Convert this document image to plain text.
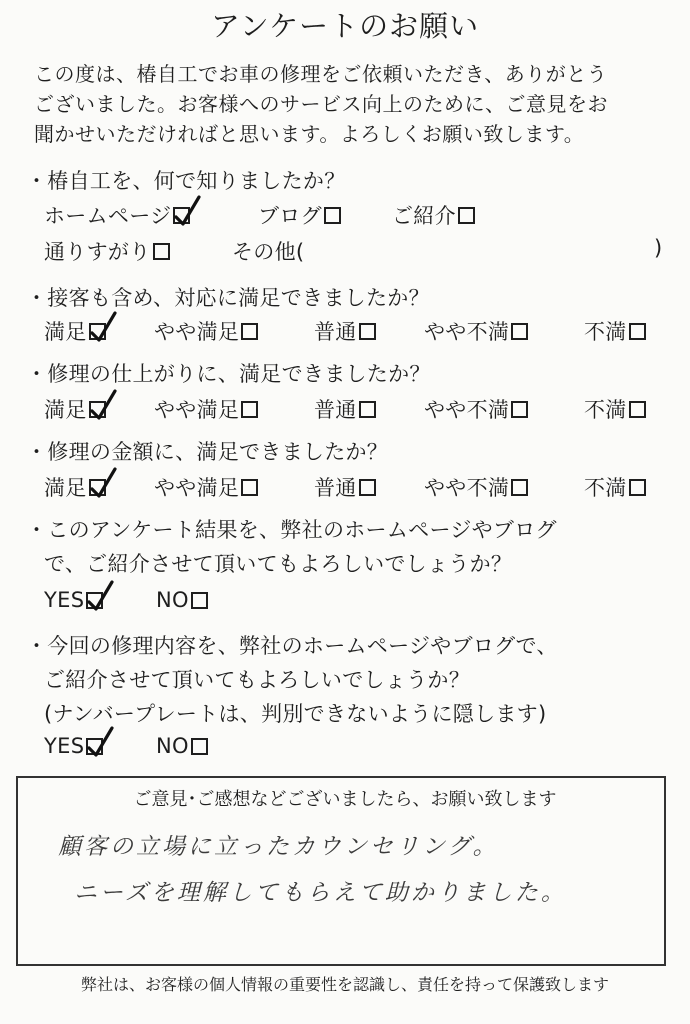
アンケートのお願い
この度は、椿自工でお車の修理をご依頼いただき、ありがとう
ございました。お客様へのサービス向上のために、ご意見をお
聞かせいただければと思います。よろしくお願い致します。
・椿自工を、何で知りましたか？
ホームページ	ブログ	ご紹介
通りすがり	その他(	)
・接客も含め、対応に満足できましたか？
満足	やや満足	普通	やや不満	不満
・修理の仕上がりに、満足できましたか？
満足	やや満足	普通	やや不満	不満
・修理の金額に、満足できましたか？
満足	やや満足	普通	やや不満	不満
・このアンケート結果を、弊社のホームページやブログ
で、ご紹介させて頂いてもよろしいでしょうか？
YES	NO
・今回の修理内容を、弊社のホームページやブログで、
ご紹介させて頂いてもよろしいでしょうか？
(ナンバープレートは、判別できないように隠します)
YES	NO
ご意見･ご感想などございましたら、お願い致します
顧客の立場に立ったカウンセリング。
ニーズを理解してもらえて助かりました。
弊社は、お客様の個人情報の重要性を認識し、責任を持って保護致します
